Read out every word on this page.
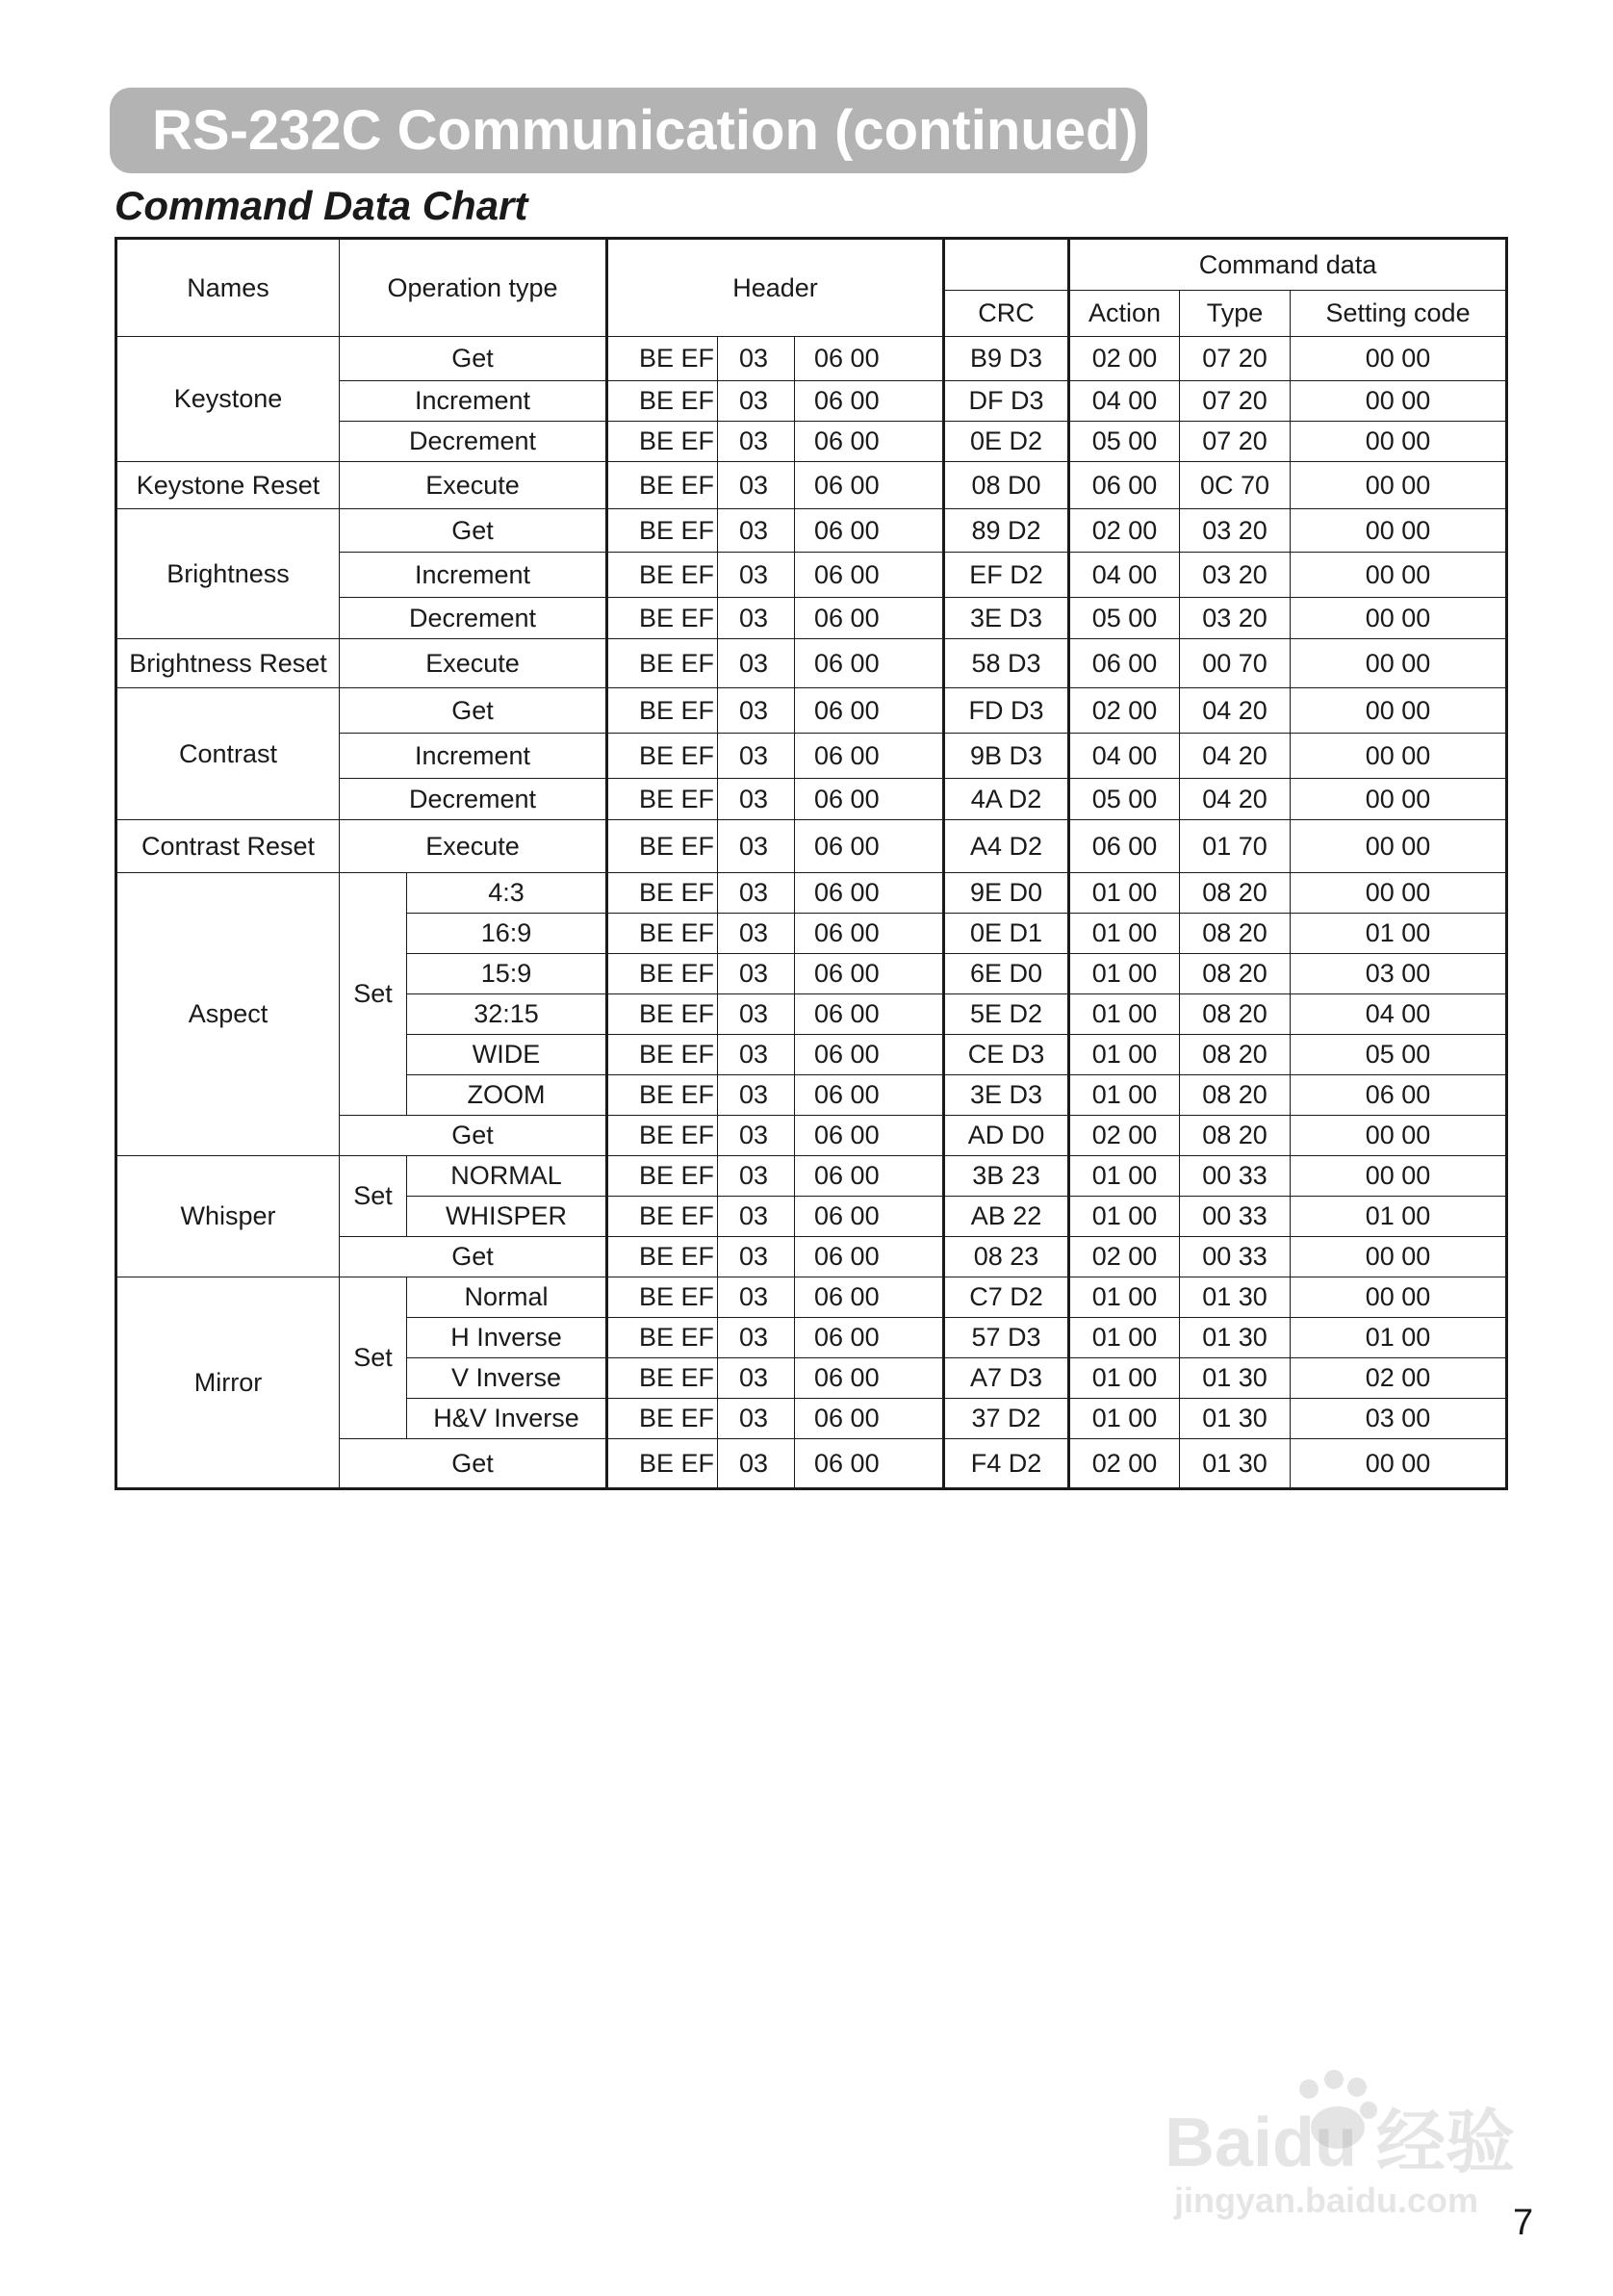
RS-232C Communication (continued)
Command Data Chart
Names	Operation type		Header				Command data		
						CRC	Action	Type	Setting code
Keystone	Get		BE EF	03	06 00	B9 D3	02 00	07 20	00 00
	Increment		BE EF	03	06 00	DF D3	04 00	07 20	00 00
	Decrement		BE EF	03	06 00	0E D2	05 00	07 20	00 00
Keystone Reset	Execute		BE EF	03	06 00	08 D0	06 00	0C 70	00 00
Brightness	Get		BE EF	03	06 00	89 D2	02 00	03 20	00 00
	Increment		BE EF	03	06 00	EF D2	04 00	03 20	00 00
	Decrement		BE EF	03	06 00	3E D3	05 00	03 20	00 00
Brightness Reset	Execute		BE EF	03	06 00	58 D3	06 00	00 70	00 00
Contrast	Get		BE EF	03	06 00	FD D3	02 00	04 20	00 00
	Increment		BE EF	03	06 00	9B D3	04 00	04 20	00 00
	Decrement		BE EF	03	06 00	4A D2	05 00	04 20	00 00
Contrast Reset	Execute		BE EF	03	06 00	A4 D2	06 00	01 70	00 00
Aspect	Set	4:3	BE EF	03	06 00	9E D0	01 00	08 20	00 00
		16:9	BE EF	03	06 00	0E D1	01 00	08 20	01 00
		15:9	BE EF	03	06 00	6E D0	01 00	08 20	03 00
		32:15	BE EF	03	06 00	5E D2	01 00	08 20	04 00
		WIDE	BE EF	03	06 00	CE D3	01 00	08 20	05 00
		ZOOM	BE EF	03	06 00	3E D3	01 00	08 20	06 00
	Get		BE EF	03	06 00	AD D0	02 00	08 20	00 00
Whisper	Set	NORMAL	BE EF	03	06 00	3B 23	01 00	00 33	00 00
		WHISPER	BE EF	03	06 00	AB 22	01 00	00 33	01 00
	Get		BE EF	03	06 00	08 23	02 00	00 33	00 00
Mirror	Set	Normal	BE EF	03	06 00	C7 D2	01 00	01 30	00 00
		H Inverse	BE EF	03	06 00	57 D3	01 00	01 30	01 00
		V Inverse	BE EF	03	06 00	A7 D3	01 00	01 30	02 00
		H&V Inverse	BE EF	03	06 00	37 D2	01 00	01 30	03 00
	Get		BE EF	03	06 00	F4 D2	02 00	01 30	00 00
Baidu 经验
jingyan.baidu.com
7
